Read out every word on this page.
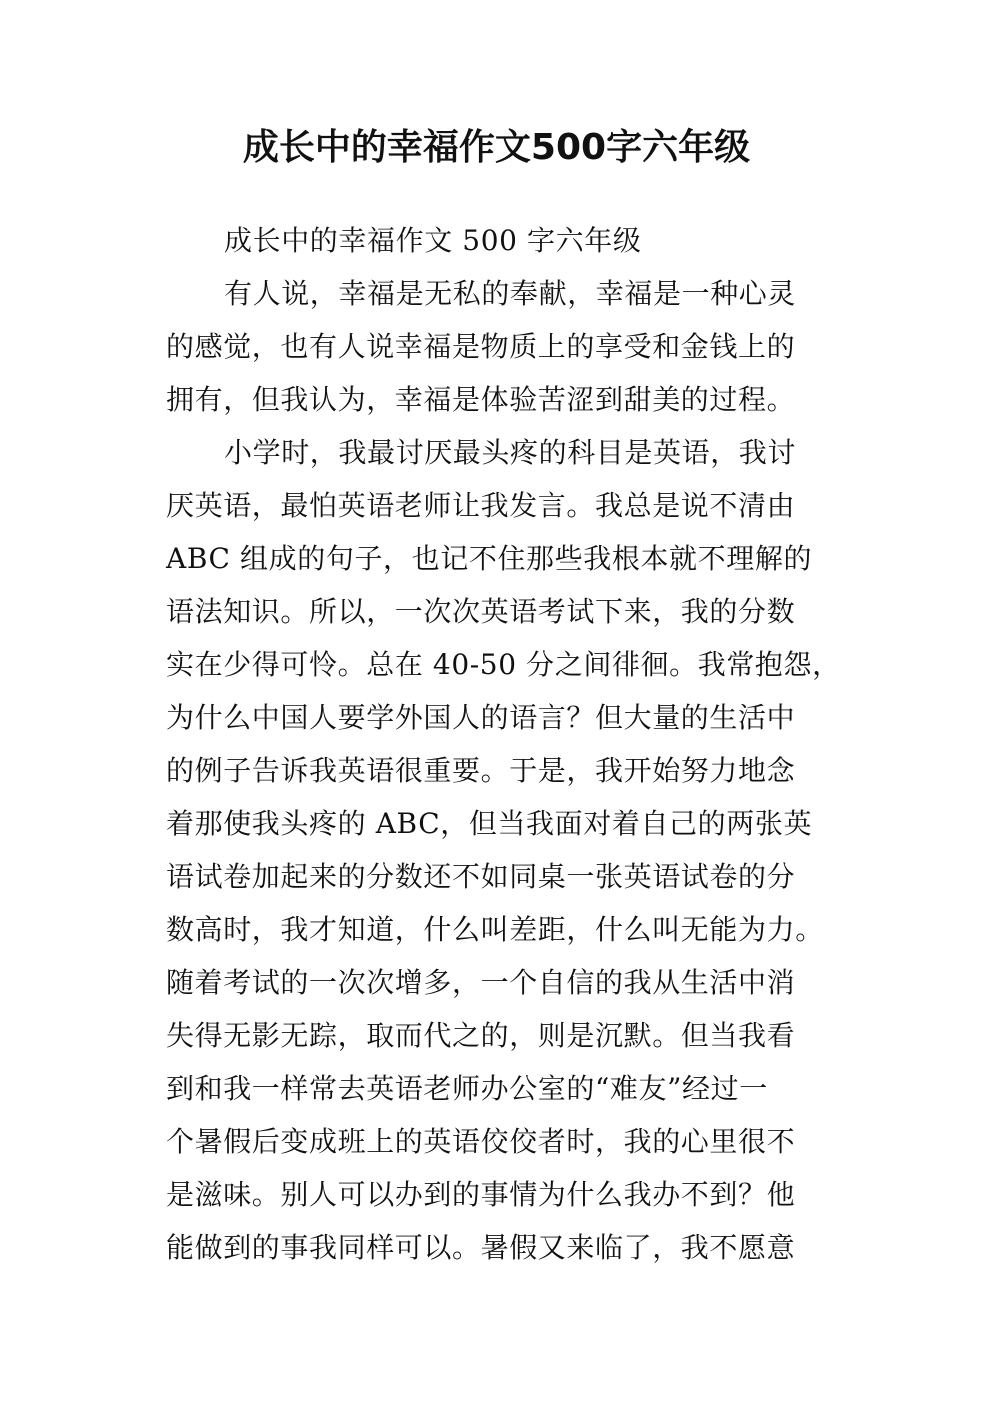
成长中的幸福作文500字六年级
成长中的幸福作文 500 字六年级
有人说，幸福是无私的奉献，幸福是一种心灵
的感觉，也有人说幸福是物质上的享受和金钱上的
拥有，但我认为，幸福是体验苦涩到甜美的过程。
小学时，我最讨厌最头疼的科目是英语，我讨
厌英语，最怕英语老师让我发言。我总是说不清由
ABC 组成的句子，也记不住那些我根本就不理解的
语法知识。所以，一次次英语考试下来，我的分数
实在少得可怜。总在 40-50 分之间徘徊。我常抱怨，
为什么中国人要学外国人的语言？但大量的生活中
的例子告诉我英语很重要。于是，我开始努力地念
着那使我头疼的 ABC，但当我面对着自己的两张英
语试卷加起来的分数还不如同桌一张英语试卷的分
数高时，我才知道，什么叫差距，什么叫无能为力。
随着考试的一次次增多，一个自信的我从生活中消
失得无影无踪，取而代之的，则是沉默。但当我看
到和我一样常去英语老师办公室的“难友”经过一
个暑假后变成班上的英语佼佼者时，我的心里很不
是滋味。别人可以办到的事情为什么我办不到？他
能做到的事我同样可以。暑假又来临了，我不愿意
